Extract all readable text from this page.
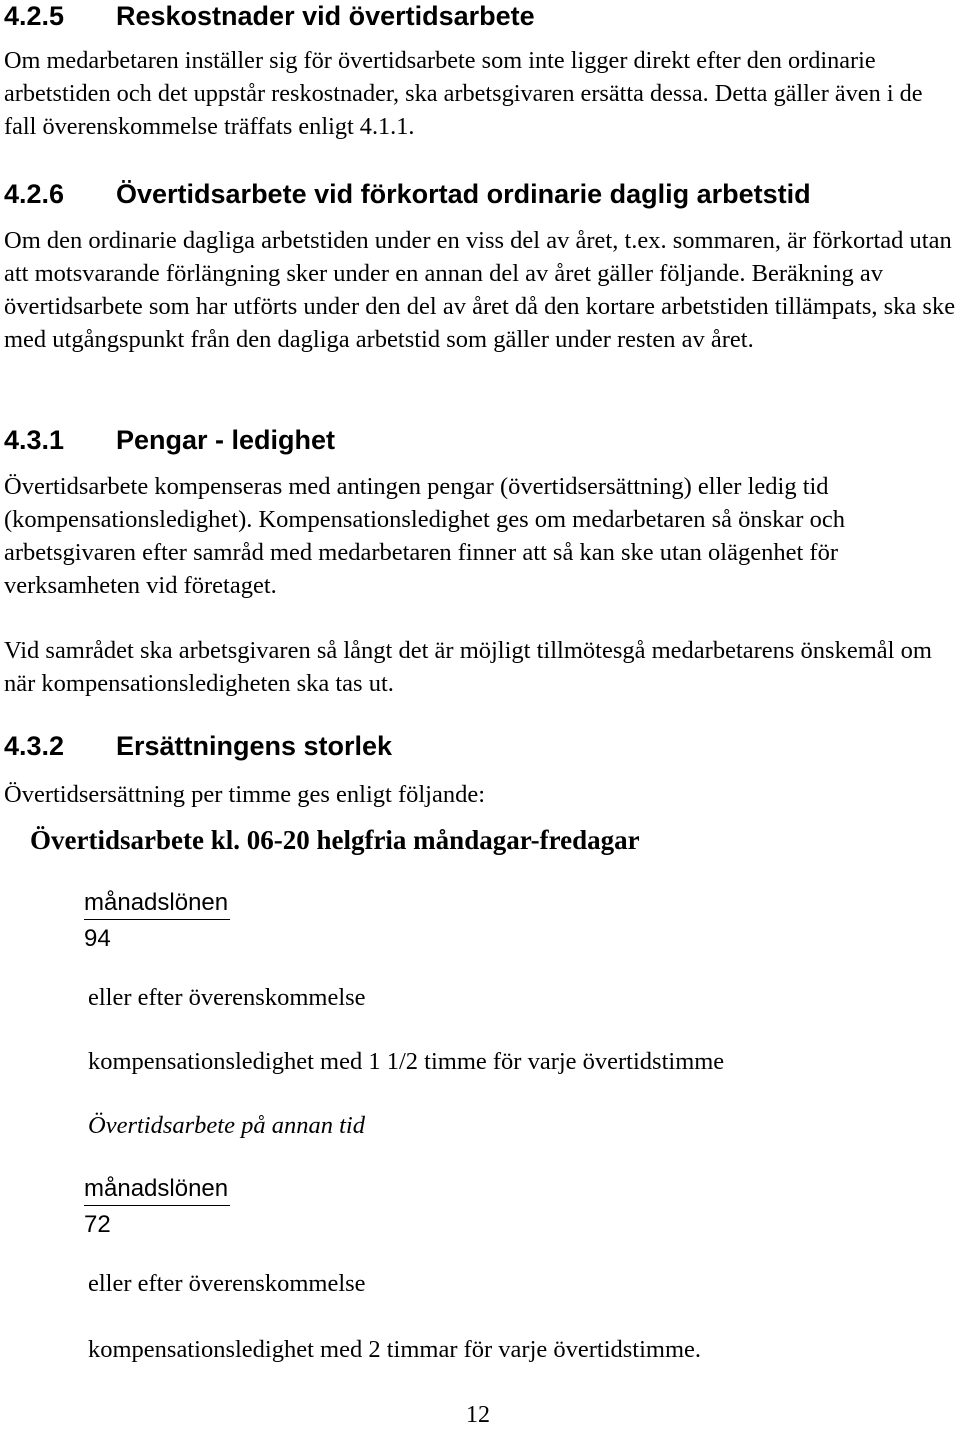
4.2.5 Reskostnader vid övertidsarbete

Om medarbetaren inställer sig för övertidsarbete som inte ligger direkt efter den ordinarie arbetstiden och det uppstår reskostnader, ska arbetsgivaren ersätta dessa. Detta gäller även i de fall överenskommelse träffats enligt 4.1.1.

4.2.6 Övertidsarbete vid förkortad ordinarie daglig arbetstid

Om den ordinarie dagliga arbetstiden under en viss del av året, t.ex. sommaren, är förkortad utan att motsvarande förlängning sker under en annan del av året gäller följande. Beräkning av övertidsarbete som har utförts under den del av året då den kortare arbetstiden tillämpats, ska ske med utgångspunkt från den dagliga arbetstid som gäller under resten av året.

4.3.1 Pengar - ledighet

Övertidsarbete kompenseras med antingen pengar (övertidsersättning) eller ledig tid (kompensationsledighet). Kompensationsledighet ges om medarbetaren så önskar och arbetsgivaren efter samråd med medarbetaren finner att så kan ske utan olägenhet för verksamheten vid företaget.

Vid samrådet ska arbetsgivaren så långt det är möjligt tillmötesgå medarbetarens önskemål om när kompensationsledigheten ska tas ut.

4.3.2 Ersättningens storlek

Övertidsersättning per timme ges enligt följande:

Övertidsarbete kl. 06-20 helgfria måndagar-fredagar
månadslönen
94
eller efter överenskommelse
kompensationsledighet med 1 1/2 timme för varje övertidstimme
Övertidsarbete på annan tid
månadslönen
72
eller efter överenskommelse
kompensationsledighet med 2 timmar för varje övertidstimme.
12
